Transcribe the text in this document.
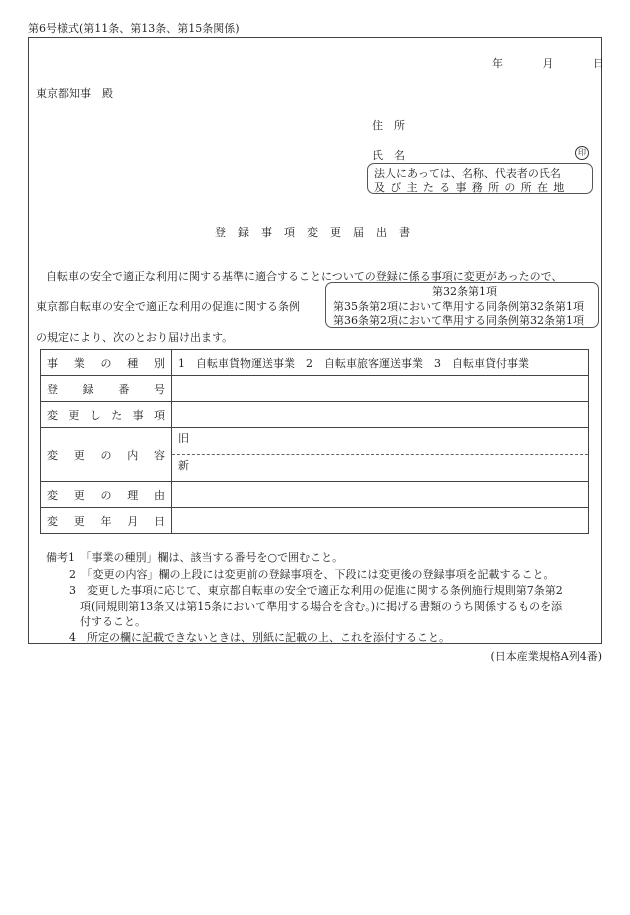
第6号様式(第11条、第13条、第15条関係)
年	月	日
東京都知事　殿
住　所
氏　名	印
法人にあっては、名称、代表者の氏名
及び主たる事務所の所在地
登録事項変更届出書
自転車の安全で適正な利用に関する基準に適合することについての登録に係る事項に変更があったので、
東京都自転車の安全で適正な利用の促進に関する条例
第32条第1項
第35条第2項において準用する同条例第32条第1項
第36条第2項において準用する同条例第32条第1項
の規定により、次のとおり届け出ます。
事業の種別	1　自転車貨物運送事業　2　自転車旅客運送事業　3　自転車貸付事業
登録番号	
変更した事項	
変更の内容	旧
新

変更の理由	
変更年月日	
備考1　「事業の種別」欄は、該当する番号を○で囲むこと。
2　「変更の内容」欄の上段には変更前の登録事項を、下段には変更後の登録事項を記載すること。
3　変更した事項に応じて、東京都自転車の安全で適正な利用の促進に関する条例施行規則第7条第2
項(同規則第13条又は第15条において準用する場合を含む。)に掲げる書類のうち関係するものを添
付すること。
4　所定の欄に記載できないときは、別紙に記載の上、これを添付すること。
(日本産業規格A列4番)
